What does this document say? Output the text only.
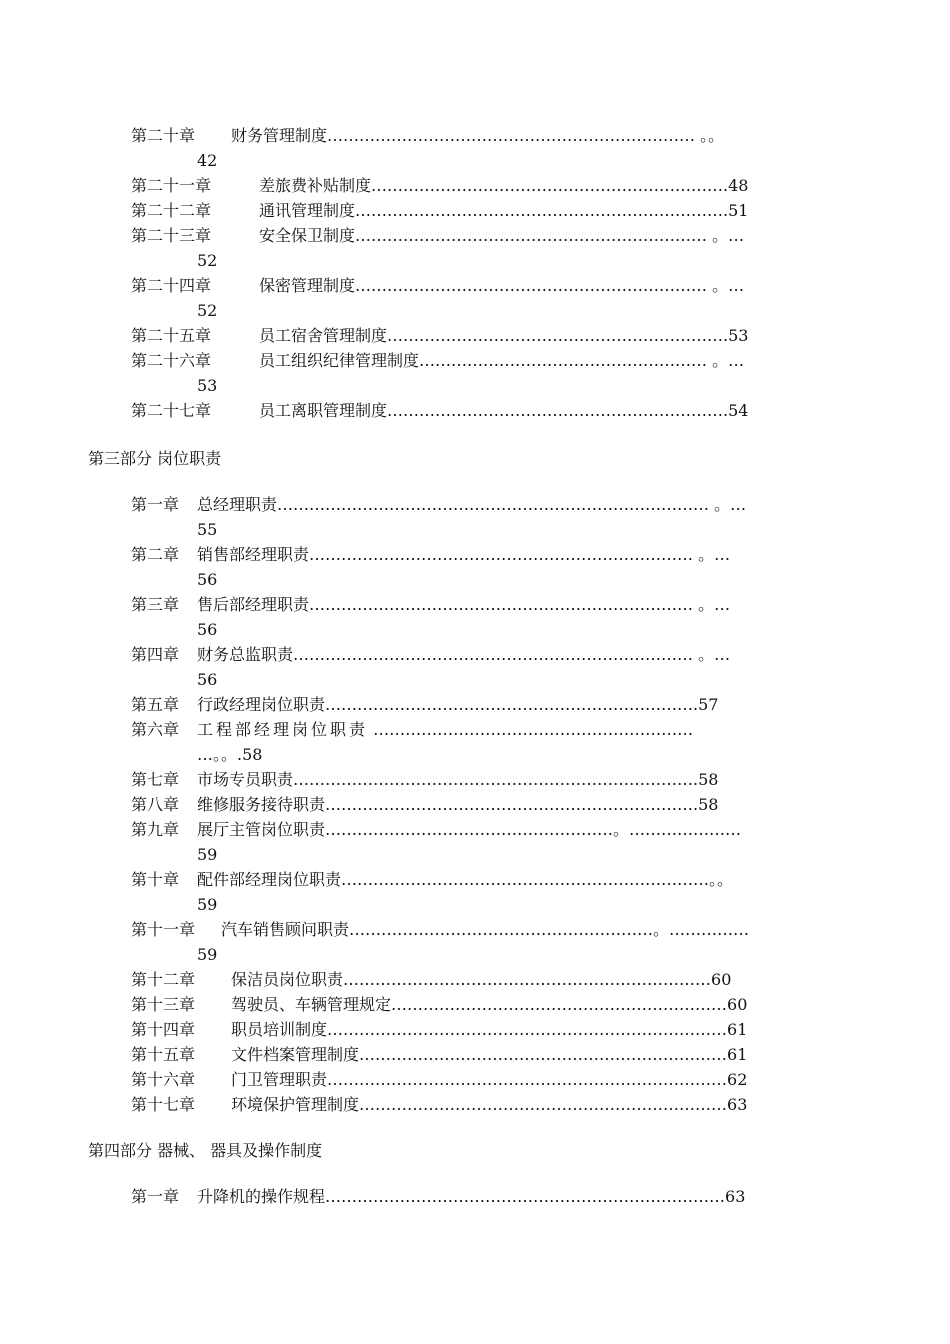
第二十章 财务管理制度…………………………………………………………… 。。
42
第二十一章	差旅费补贴制度………………………………………………………….48
第二十二章	通讯管理制度…………………………………………………………….51
第二十三章	安全保卫制度………………………………………………………… 。…
52
第二十四章	保密管理制度………………………………………………………… 。…
52
第二十五章	员工宿舍管理制度……………………………………………………….53
第二十六章	员工组织纪律管理制度……………………………………………… 。…
53
第二十七章	员工离职管理制度……………………………………………………….54
第三部分 岗位职责
第一章 总经理职责……………………………………………………………………… 。…
55
第二章 销售部经理职责……………………………………………………………… 。…
56
第三章 售后部经理职责……………………………………………………………… 。…
56
第四章 财务总监职责………………………………………………………………… 。…
56
第五章 行政经理岗位职责…………………………………………………………….57
第六章 工程部经理岗位职责 ……………………………………………………
…。。.58
第七章 市场专员职责………………………………………………………………….58
第八章 维修服务接待职责…………………………………………………………….58
第九章 展厅主管岗位职责………………………………………………。…………………
59
第十章 配件部经理岗位职责……………………………………………………………。。
59
第十一章 汽车销售顾问职责…………………………………………………。……………
59
第十二章 保洁员岗位职责……………………………………………………………60
第十三章 驾驶员、车辆管理规定………………………………………………………60
第十四章 职员培训制度…………………………………………………………………61
第十五章 文件档案管理制度……………………………………………………………61
第十六章 门卫管理职责…………………………………………………………………62
第十七章 环境保护管理制度……………………………………………………………63
第四部分 器械、 器具及操作制度
第一章 升降机的操作规程…………………………………………………………………63
